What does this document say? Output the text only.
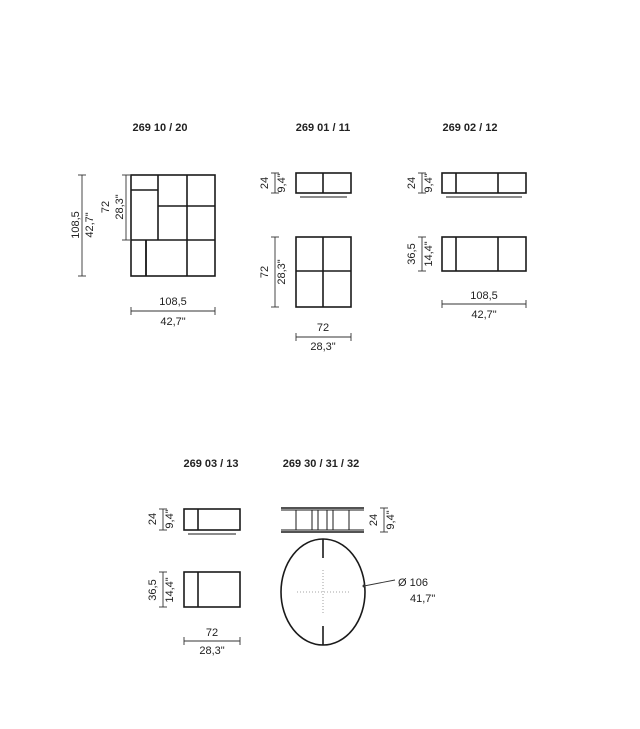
269 10 / 20
108,5 42,7"
72 28,3"
108,5
42,7"
269 01 / 11
24 9,4"
72 28,3"
72
28,3"
269 02 / 12
24 9,4"
36,5 14,4"
108,5
42,7"
269 03 / 13
24 9,4"
36,5 14,4"
72
28,3"
269 30 / 31 / 32
24 9,4"
Ø 106
41,7"
